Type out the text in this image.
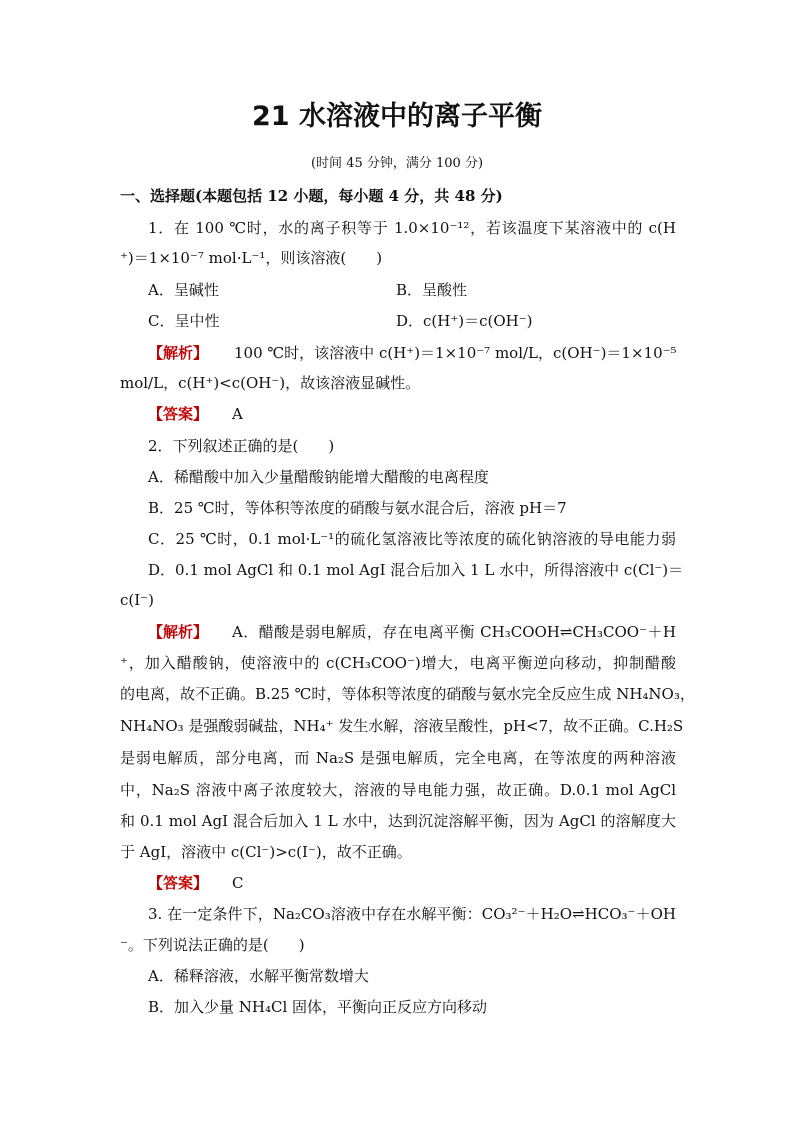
21 水溶液中的离子平衡
(时间 45 分钟，满分 100 分)
一、选择题(本题包括 12 小题，每小题 4 分，共 48 分)
1．在 100 ℃时，水的离子积等于 1.0×10⁻¹²，若该温度下某溶液中的 c(H
⁺)＝1×10⁻⁷ mol·L⁻¹，则该溶液(　　)
A．呈碱性	B．呈酸性
C．呈中性	D．c(H⁺)＝c(OH⁻)
【解析】 100 ℃时，该溶液中 c(H⁺)＝1×10⁻⁷ mol/L，c(OH⁻)＝1×10⁻⁵
mol/L，c(H⁺)<c(OH⁻)，故该溶液显碱性。
【答案】 A
2．下列叙述正确的是(　　)
A．稀醋酸中加入少量醋酸钠能增大醋酸的电离程度
B．25 ℃时，等体积等浓度的硝酸与氨水混合后，溶液 pH＝7
C．25 ℃时，0.1 mol·L⁻¹的硫化氢溶液比等浓度的硫化钠溶液的导电能力弱
D．0.1 mol AgCl 和 0.1 mol AgI 混合后加入 1 L 水中，所得溶液中 c(Cl⁻)＝
c(I⁻)
【解析】 A．醋酸是弱电解质，存在电离平衡 CH₃COOH⇌CH₃COO⁻＋H
⁺，加入醋酸钠，使溶液中的 c(CH₃COO⁻)增大，电离平衡逆向移动，抑制醋酸
的电离，故不正确。B.25 ℃时，等体积等浓度的硝酸与氨水完全反应生成 NH₄NO₃，
NH₄NO₃ 是强酸弱碱盐，NH₄⁺ 发生水解，溶液呈酸性，pH<7，故不正确。C.H₂S
是弱电解质，部分电离，而 Na₂S 是强电解质，完全电离，在等浓度的两种溶液
中，Na₂S 溶液中离子浓度较大，溶液的导电能力强，故正确。D.0.1 mol AgCl
和 0.1 mol AgI 混合后加入 1 L 水中，达到沉淀溶解平衡，因为 AgCl 的溶解度大
于 AgI，溶液中 c(Cl⁻)>c(I⁻)，故不正确。
【答案】 C
3. 在一定条件下，Na₂CO₃溶液中存在水解平衡：CO₃²⁻＋H₂O⇌HCO₃⁻＋OH
⁻。下列说法正确的是(　　)
A．稀释溶液，水解平衡常数增大
B．加入少量 NH₄Cl 固体，平衡向正反应方向移动
